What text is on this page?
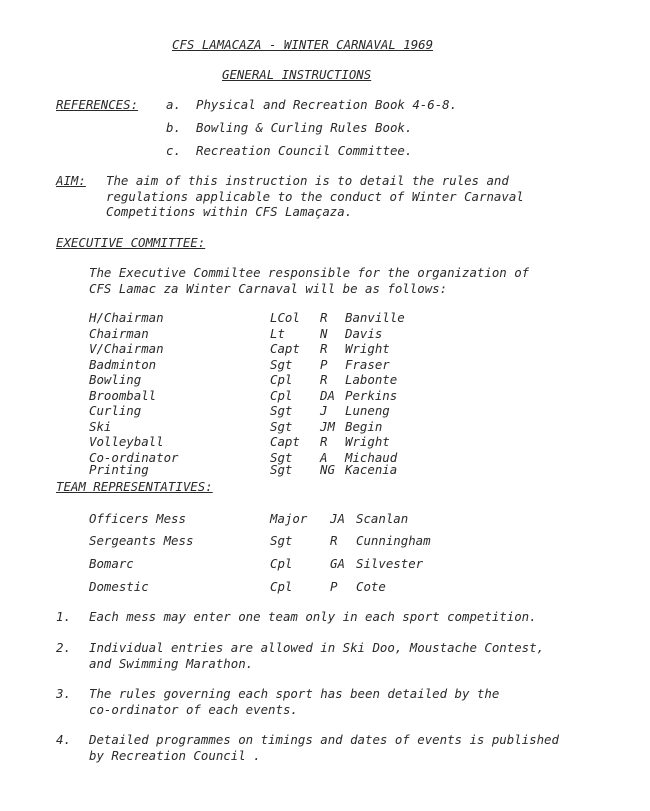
CFS LAMACAZA - WINTER CARNAVAL 1969
GENERAL INSTRUCTIONS
REFERENCES: a. Physical and Recreation Book 4-6-8.
b. Bowling & Curling Rules Book.
c. Recreation Council Committee.
AIM: The aim of this instruction is to detail the rules and
regulations applicable to the conduct of Winter Carnaval
Competitions within CFS Lamaçaza.
EXECUTIVE COMMITTEE:
The Executive Commiltee responsible for the organization of
CFS Lamac za Winter Carnaval will be as follows:
H/Chairman	LCol R Banville
Chairman	Lt	N Davis
V/Chairman	Capt R Wright
Badminton	Sgt P Fraser
Bowling	Cpl R Labonte
Broomball	Cpl DA Perkins
Curling	Sgt J Luneng
Ski	Sgt JM Begin
Volleyball	Capt R Wright
Co-ordinator	Sgt A Michaud
Printing	Sgt NG Kacenia
TEAM REPRESENTATIVES:
Officers Mess	Major JA Scanlan
Sergeants Mess	Sgt	R Cunningham
Bomarc	Cpl	GA Silvester
Domestic	Cpl	P Cote
1. Each mess may enter one team only in each sport competition.
2. Individual entries are allowed in Ski Doo, Moustache Contest,
and Swimming Marathon.
3. The rules governing each sport has been detailed by the
co-ordinator of each events.
4. Detailed programmes on timings and dates of events is published
by Recreation Council .
